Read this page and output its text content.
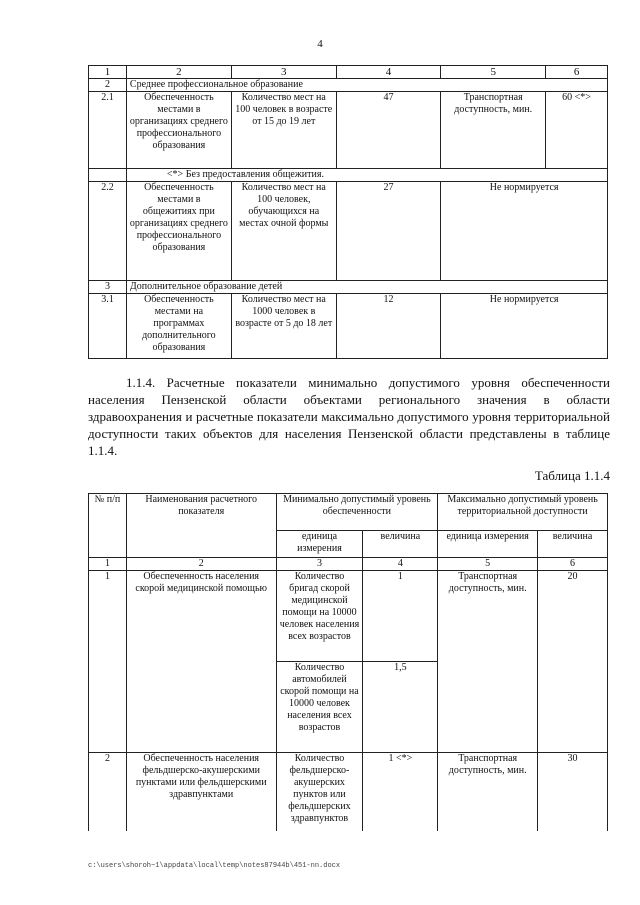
4
1	2	3	4	5	6
2	Среднее профессиональное образование				
2.1	Обеспеченность местами в организациях среднего профессионального образования	Количество мест на 100 человек в возрасте от 15 до 19 лет	47	Транспортная доступность, мин.	60 <*>
	<*> Без предоставления общежития.				
2.2	Обеспеченность местами в общежитиях при организациях среднего профессионального образования	Количество мест на 100 человек, обучающихся на местах очной формы	27	Не нормируется	
3	Дополнительное образование детей				
3.1	Обеспеченность местами на программах дополнительного образования	Количество мест на 1000 человек в возрасте от 5 до 18 лет	12	Не нормируется	

1.1.4. Расчетные показатели минимально допустимого уровня обеспеченности населения Пензенской области объектами регионального значения в области здравоохранения и расчетные показатели максимально допустимого уровня территориальной доступности таких объектов для населения Пензенской области представлены в таблице 1.1.4.

Таблица 1.1.4
№ п/п	Наименования расчетного показателя	Минимально допустимый уровень обеспеченности		Максимально допустимый уровень территориальной доступности	
		единица измерения	величина	единица измерения	величина
1	2	3	4	5	6
1	Обеспеченность населения скорой медицинской помощью	Количество бригад скорой медицинской помощи на 10000 человек населения всех возрастов	1	Транспортная доступность, мин.	20
		Количество автомобилей скорой помощи на 10000 человек населения всех возрастов	1,5		
2	Обеспеченность населения фельдшерско-акушерскими пунктами или фельдшерскими здравпунктами	Количество фельдшерско-акушерских пунктов или фельдшерских здравпунктов	1 <*>	Транспортная доступность, мин.	30
c:\users\shoroh~1\appdata\local\temp\notes87944b\451-nn.docx
